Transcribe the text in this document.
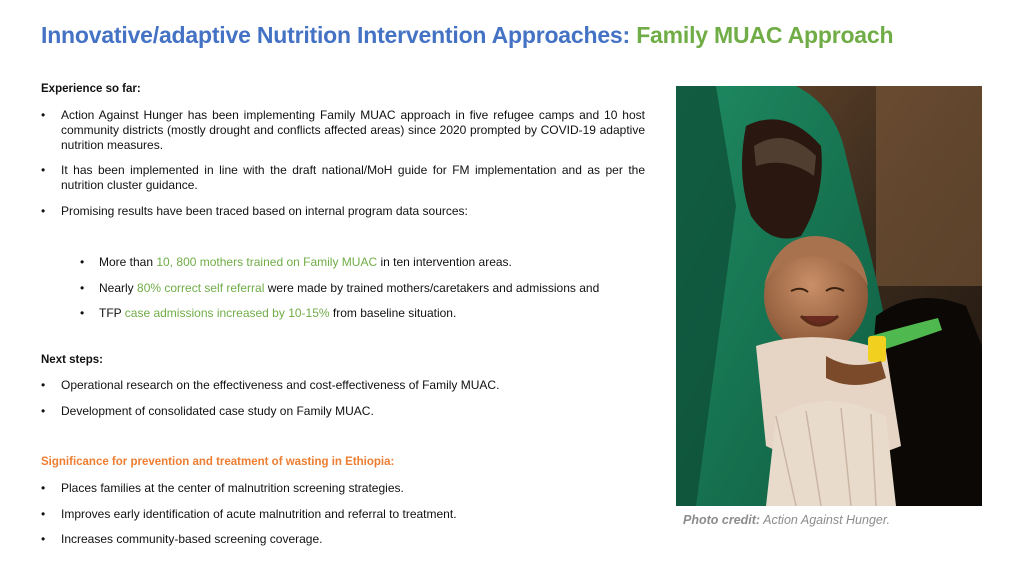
Innovative/adaptive Nutrition Intervention Approaches: Family MUAC Approach
Experience so far:
• Action Against Hunger has been implementing Family MUAC approach in five refugee camps and 10 host community districts (mostly drought and conflicts affected areas) since 2020 prompted by COVID-19 adaptive nutrition measures.
• It has been implemented in line with the draft national/MoH guide for FM implementation and as per the nutrition cluster guidance.
• Promising results have been traced based on internal program data sources:
• More than 10, 800 mothers trained on Family MUAC in ten intervention areas.
• Nearly 80% correct self referral were made by trained mothers/caretakers and admissions and
• TFP case admissions increased by 10-15% from baseline situation.
Next steps:
• Operational research on the effectiveness and cost-effectiveness of Family MUAC.
• Development of consolidated case study on Family MUAC.
Significance for prevention and treatment of wasting in Ethiopia:
• Places families at the center of malnutrition screening strategies.
• Improves early identification of acute malnutrition and referral to treatment.
• Increases community-based screening coverage.
Photo credit: Action Against Hunger.
